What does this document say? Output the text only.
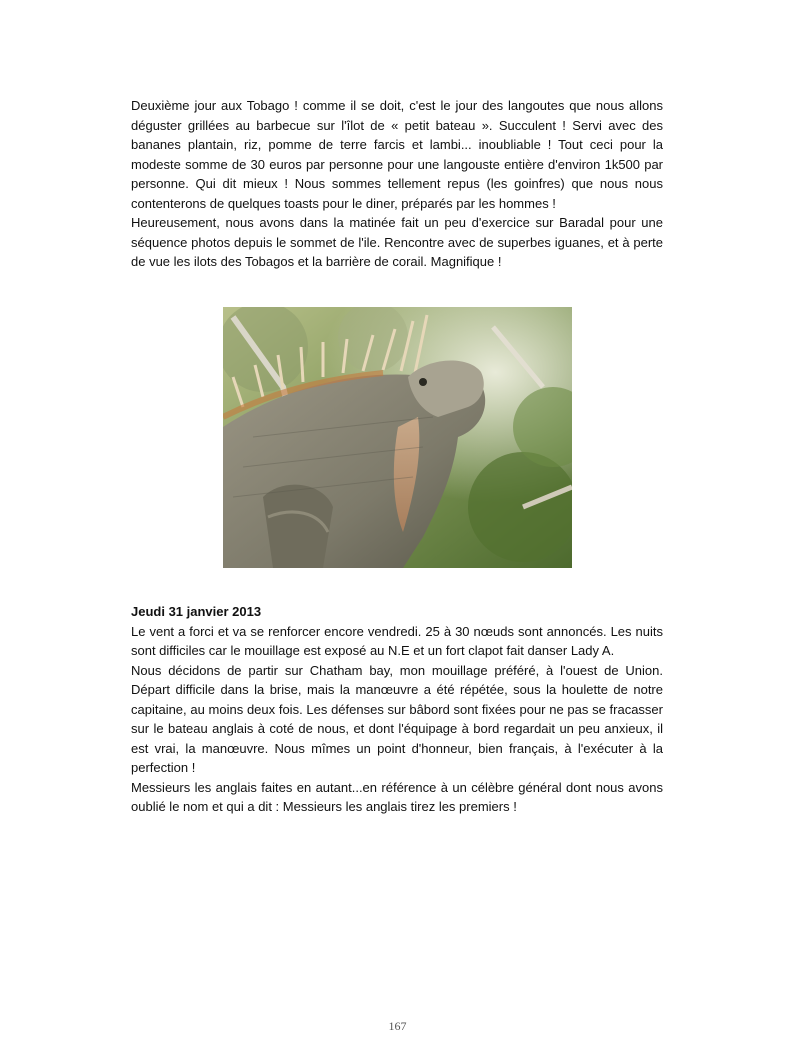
Deuxième jour aux Tobago ! comme il se doit, c'est le jour des langoutes que nous allons déguster grillées au barbecue sur l'îlot de « petit bateau ». Succulent ! Servi avec des bananes plantain, riz, pomme de terre farcis et lambi... inoubliable ! Tout ceci pour la modeste somme de 30 euros par personne pour une langouste entière d'environ 1k500 par personne. Qui dit mieux ! Nous sommes tellement repus (les goinfres) que nous nous contenterons de quelques toasts pour le diner, préparés par les hommes !

Heureusement, nous avons dans la matinée fait un peu d'exercice sur Baradal pour une séquence photos depuis le sommet de l'ile. Rencontre avec de superbes iguanes, et à perte de vue les ilots des Tobagos et la barrière de corail. Magnifique !

Jeudi 31 janvier 2013

Le vent a forci et va se renforcer encore vendredi. 25 à 30 nœuds sont annoncés. Les nuits sont difficiles car le mouillage est exposé au N.E et un fort clapot fait danser Lady A.

Nous décidons de partir sur Chatham bay, mon mouillage préféré, à l'ouest de Union. Départ difficile dans la brise, mais la manœuvre a été répétée, sous la houlette de notre capitaine, au moins deux fois. Les défenses sur bâbord sont fixées pour ne pas se fracasser sur le bateau anglais à coté de nous, et dont l'équipage à bord regardait un peu anxieux, il est vrai, la manœuvre. Nous mîmes un point d'honneur, bien français, à l'exécuter à la perfection !

Messieurs les anglais faites en autant...en référence à un célèbre général dont nous avons oublié le nom et qui a dit : Messieurs les anglais tirez les premiers !

167
